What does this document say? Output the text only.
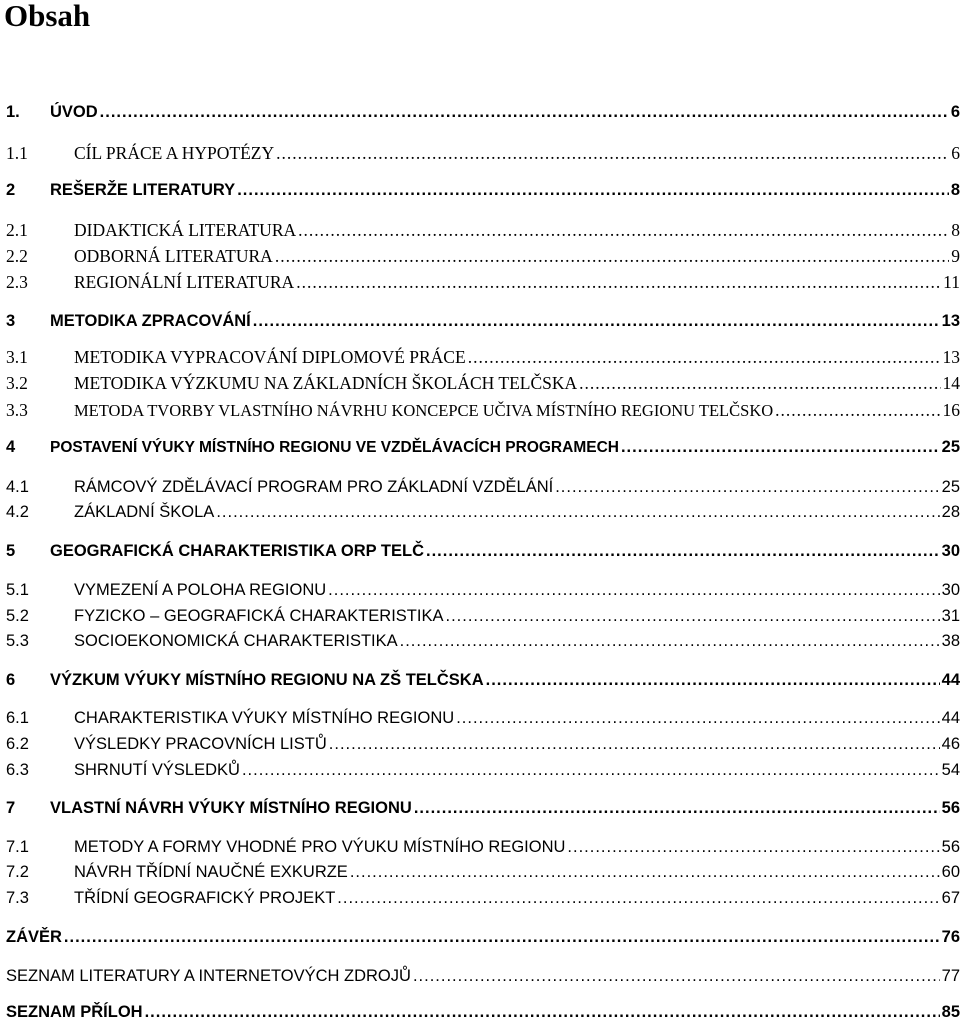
Obsah
1.	ÚVOD .....	6
1.1	CÍL PRÁCE A HYPOTÉZY .....	6
2	REŠERŽE LITERATURY .....	8
2.1	DIDAKTICKÁ LITERATURA .....	8
2.2	ODBORNÁ LITERATURA .....	9
2.3	REGIONÁLNÍ LITERATURA .....	11
3	METODIKA ZPRACOVÁNÍ .....	13
3.1	METODIKA VYPRACOVÁNÍ DIPLOMOVÉ PRÁCE .....	13
3.2	METODIKA VÝZKUMU NA ZÁKLADNÍCH ŠKOLÁCH TELČSKA .....	14
3.3	METODA TVORBY VLASTNÍHO NÁVRHU KONCEPCE UČIVA MÍSTNÍHO REGIONU TELČSKO .....	16
4	POSTAVENÍ VÝUKY MÍSTNÍHO REGIONU VE VZDĚLÁVACÍCH PROGRAMECH .....	25
4.1	RÁMCOVÝ ZDĚLÁVACÍ PROGRAM PRO ZÁKLADNÍ VZDĚLÁNÍ .....	25
4.2	ZÁKLADNÍ ŠKOLA .....	28
5	GEOGRAFICKÁ CHARAKTERISTIKA ORP TELČ .....	30
5.1	VYMEZENÍ A POLOHA REGIONU .....	30
5.2	FYZICKO – GEOGRAFICKÁ CHARAKTERISTIKA .....	31
5.3	SOCIOEKONOMICKÁ CHARAKTERISTIKA .....	38
6	VÝZKUM VÝUKY MÍSTNÍHO REGIONU NA ZŠ TELČSKA .....	44
6.1	CHARAKTERISTIKA VÝUKY MÍSTNÍHO REGIONU .....	44
6.2	VÝSLEDKY PRACOVNÍCH LISTŮ .....	46
6.3	SHRNUTÍ VÝSLEDKŮ .....	54
7	VLASTNÍ NÁVRH VÝUKY MÍSTNÍHO REGIONU .....	56
7.1	METODY A FORMY VHODNÉ PRO VÝUKU MÍSTNÍHO REGIONU .....	56
7.2	NÁVRH TŘÍDNÍ NAUČNÉ EXKURZE .....	60
7.3	TŘÍDNÍ GEOGRAFICKÝ PROJEKT .....	67
ZÁVĚR .....	76
SEZNAM LITERATURY A INTERNETOVÝCH ZDROJŮ .....	77
SEZNAM PŘÍLOH .....	85
